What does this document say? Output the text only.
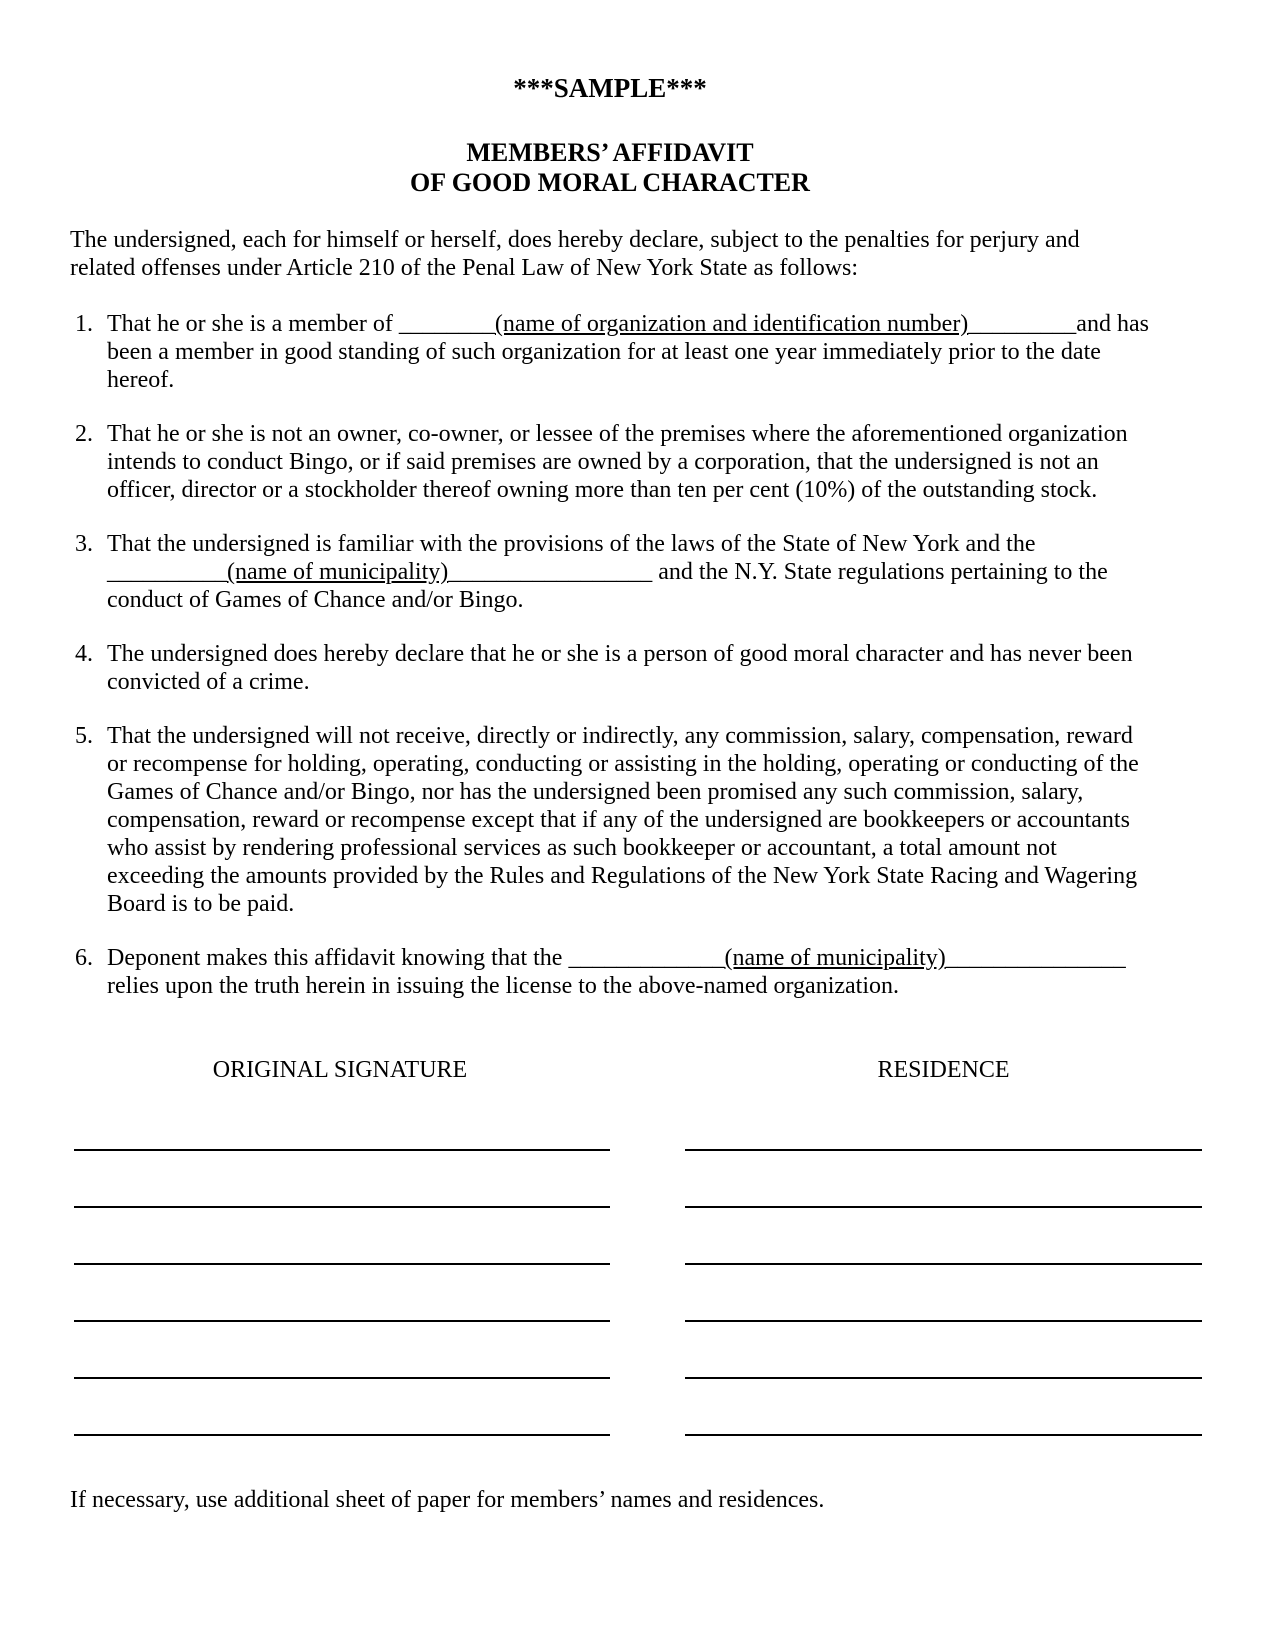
***SAMPLE***
MEMBERS’ AFFIDAVIT
OF GOOD MORAL CHARACTER

The undersigned, each for himself or herself, does hereby declare, subject to the penalties for perjury and related offenses under Article 210 of the Penal Law of New York State as follows:

1. That he or she is a member of ________(name of organization and identification number)_________and has been a member in good standing of such organization for at least one year immediately prior to the date hereof.
2. That he or she is not an owner, co-owner, or lessee of the premises where the aforementioned organization intends to conduct Bingo, or if said premises are owned by a corporation, that the undersigned is not an officer, director or a stockholder thereof owning more than ten per cent (10%) of the outstanding stock.
3. That the undersigned is familiar with the provisions of the laws of the State of New York and the __________(name of municipality)_________________ and the N.Y. State regulations pertaining to the conduct of Games of Chance and/or Bingo.
4. The undersigned does hereby declare that he or she is a person of good moral character and has never been convicted of a crime.
5. That the undersigned will not receive, directly or indirectly, any commission, salary, compensation, reward or recompense for holding, operating, conducting or assisting in the holding, operating or conducting of the Games of Chance and/or Bingo, nor has the undersigned been promised any such commission, salary, compensation, reward or recompense except that if any of the undersigned are bookkeepers or accountants who assist by rendering professional services as such bookkeeper or accountant, a total amount not exceeding the amounts provided by the Rules and Regulations of the New York State Racing and Wagering Board is to be paid.
6. Deponent makes this affidavit knowing that the _____________(name of municipality)_______________
relies upon the truth herein in issuing the license to the above-named organization.
ORIGINAL SIGNATURE	RESIDENCE

If necessary, use additional sheet of paper for members’ names and residences.
